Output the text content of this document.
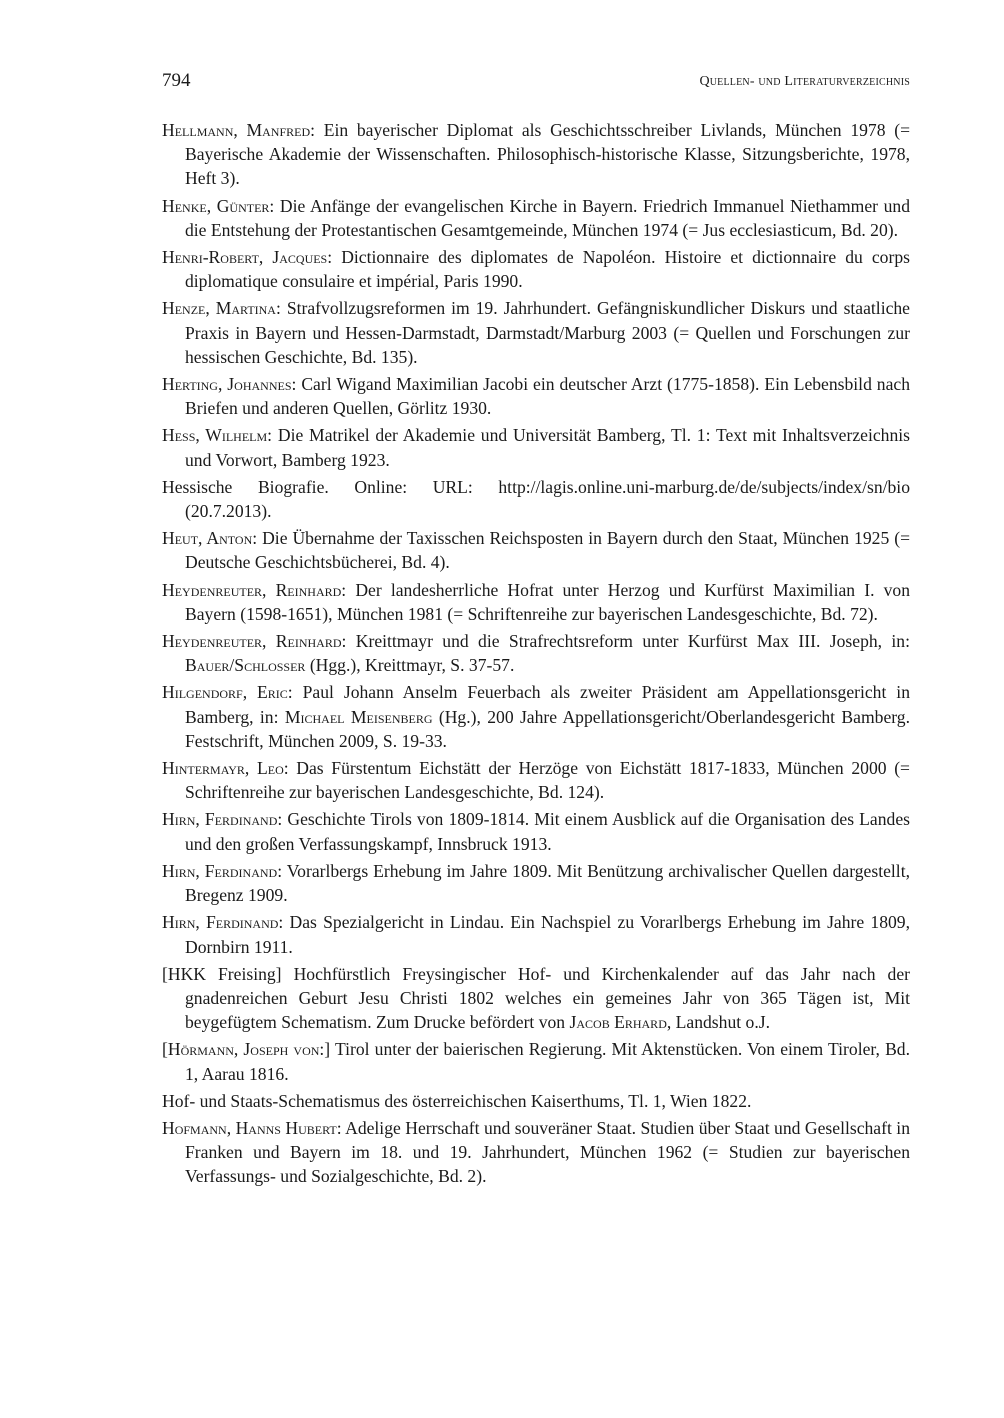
794	Quellen- und Literaturverzeichnis

Hellmann, Manfred: Ein bayerischer Diplomat als Geschichtsschreiber Livlands, München 1978 (= Bayerische Akademie der Wissenschaften. Philosophisch-historische Klasse, Sitzungsberichte, 1978, Heft 3).

Henke, Günter: Die Anfänge der evangelischen Kirche in Bayern. Friedrich Immanuel Niethammer und die Entstehung der Protestantischen Gesamtgemeinde, München 1974 (= Jus ecclesiasticum, Bd. 20).

Henri-Robert, Jacques: Dictionnaire des diplomates de Napoléon. Histoire et dictionnaire du corps diplomatique consulaire et impérial, Paris 1990.

Henze, Martina: Strafvollzugsreformen im 19. Jahrhundert. Gefängniskundlicher Diskurs und staatliche Praxis in Bayern und Hessen-Darmstadt, Darmstadt/Marburg 2003 (= Quellen und Forschungen zur hessischen Geschichte, Bd. 135).

Herting, Johannes: Carl Wigand Maximilian Jacobi ein deutscher Arzt (1775-1858). Ein Lebensbild nach Briefen und anderen Quellen, Görlitz 1930.

Hess, Wilhelm: Die Matrikel der Akademie und Universität Bamberg, Tl. 1: Text mit Inhaltsverzeichnis und Vorwort, Bamberg 1923.

Hessische Biografie. Online: URL: http://lagis.online.uni-marburg.de/de/subjects/index/sn/bio (20.7.2013).

Heut, Anton: Die Übernahme der Taxisschen Reichsposten in Bayern durch den Staat, München 1925 (= Deutsche Geschichtsbücherei, Bd. 4).

Heydenreuter, Reinhard: Der landesherrliche Hofrat unter Herzog und Kurfürst Maximilian I. von Bayern (1598-1651), München 1981 (= Schriftenreihe zur bayerischen Landesgeschichte, Bd. 72).

Heydenreuter, Reinhard: Kreittmayr und die Strafrechtsreform unter Kurfürst Max III. Joseph, in: Bauer/Schlosser (Hgg.), Kreittmayr, S. 37-57.

Hilgendorf, Eric: Paul Johann Anselm Feuerbach als zweiter Präsident am Appellationsgericht in Bamberg, in: Michael Meisenberg (Hg.), 200 Jahre Appellationsgericht/Oberlandesgericht Bamberg. Festschrift, München 2009, S. 19-33.

Hintermayr, Leo: Das Fürstentum Eichstätt der Herzöge von Eichstätt 1817-1833, München 2000 (= Schriftenreihe zur bayerischen Landesgeschichte, Bd. 124).

Hirn, Ferdinand: Geschichte Tirols von 1809-1814. Mit einem Ausblick auf die Organisation des Landes und den großen Verfassungskampf, Innsbruck 1913.

Hirn, Ferdinand: Vorarlbergs Erhebung im Jahre 1809. Mit Benützung archivalischer Quellen dargestellt, Bregenz 1909.

Hirn, Ferdinand: Das Spezialgericht in Lindau. Ein Nachspiel zu Vorarlbergs Erhebung im Jahre 1809, Dornbirn 1911.

[HKK Freising] Hochfürstlich Freysingischer Hof- und Kirchenkalender auf das Jahr nach der gnadenreichen Geburt Jesu Christi 1802 welches ein gemeines Jahr von 365 Tägen ist, Mit beygefügtem Schematism. Zum Drucke befördert von Jacob Erhard, Landshut o.J.

[Hörmann, Joseph von:] Tirol unter der baierischen Regierung. Mit Aktenstücken. Von einem Tiroler, Bd. 1, Aarau 1816.

Hof- und Staats-Schematismus des österreichischen Kaiserthums, Tl. 1, Wien 1822.

Hofmann, Hanns Hubert: Adelige Herrschaft und souveräner Staat. Studien über Staat und Gesellschaft in Franken und Bayern im 18. und 19. Jahrhundert, München 1962 (= Studien zur bayerischen Verfassungs- und Sozialgeschichte, Bd. 2).
